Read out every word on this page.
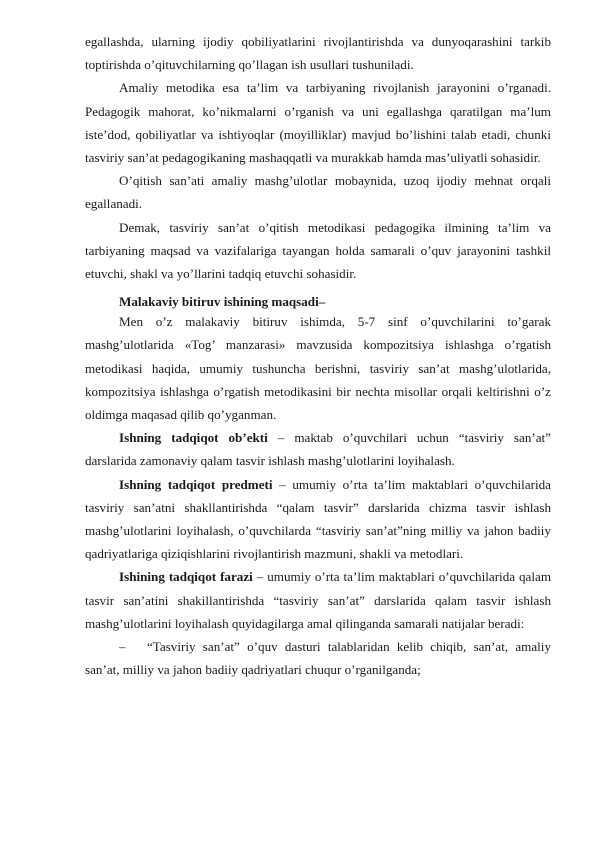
egallashda, ularning ijodiy qobiliyatlarini rivojlantirishda va dunyoqarashini tarkib toptirishda o’qituvchilarning qo’llagan ish usullari tushuniladi.

Amaliy metodika esa ta’lim va tarbiyaning rivojlanish jarayonini o’rganadi. Pedagogik mahorat, ko’nikmalarni o’rganish va uni egallashga qaratilgan ma’lum iste’dod, qobiliyatlar va ishtiyoqlar (moyilliklar) mavjud bo’lishini talab etadi, chunki tasviriy san’at pedagogikaning mashaqqatli va murakkab hamda mas’uliyatli sohasidir.

O’qitish san’ati amaliy mashg’ulotlar mobaynida, uzoq ijodiy mehnat orqali egallanadi.

Demak, tasviriy san’at o’qitish metodikasi pedagogika ilmining ta’lim va tarbiyaning maqsad va vazifalariga tayangan holda samarali o’quv jarayonini tashkil etuvchi, shakl va yo’llarini tadqiq etuvchi sohasidir.

Malakaviy bitiruv ishining maqsadi–

Men o’z malakaviy bitiruv ishimda, 5-7 sinf o’quvchilarini to’garak mashg’ulotlarida «Tog’ manzarasi» mavzusida kompozitsiya ishlashga o’rgatish metodikasi haqida, umumiy tushuncha berishni, tasviriy san’at mashg’ulotlarida, kompozitsiya ishlashga o’rgatish metodikasini bir nechta misollar orqali keltirishni o’z oldimga maqasad qilib qo’yganman.

Ishning tadqiqot ob’ekti – maktab o’quvchilari uchun “tasviriy san’at” darslarida zamonaviy qalam tasvir ishlash mashg’ulotlarini loyihalash.

Ishning tadqiqot predmeti – umumiy o’rta ta’lim maktablari o’quvchilarida tasviriy san’atni shakllantirishda “qalam tasvir” darslarida chizma tasvir ishlash mashg’ulotlarini loyihalash, o’quvchilarda “tasviriy san’at”ning milliy va jahon badiiy qadriyatlariga qiziqishlarini rivojlantirish mazmuni, shakli va metodlari.

Ishining tadqiqot farazi – umumiy o’rta ta’lim maktablari o’quvchilarida qalam tasvir san’atini shakillantirishda “tasviriy san’at” darslarida qalam tasvir ishlash mashg’ulotlarini loyihalash quyidagilarga amal qilinganda samarali natijalar beradi:

– “Tasviriy san’at” o’quv dasturi talablaridan kelib chiqib, san’at, amaliy san’at, milliy va jahon badiiy qadriyatlari chuqur o’rganilganda;
